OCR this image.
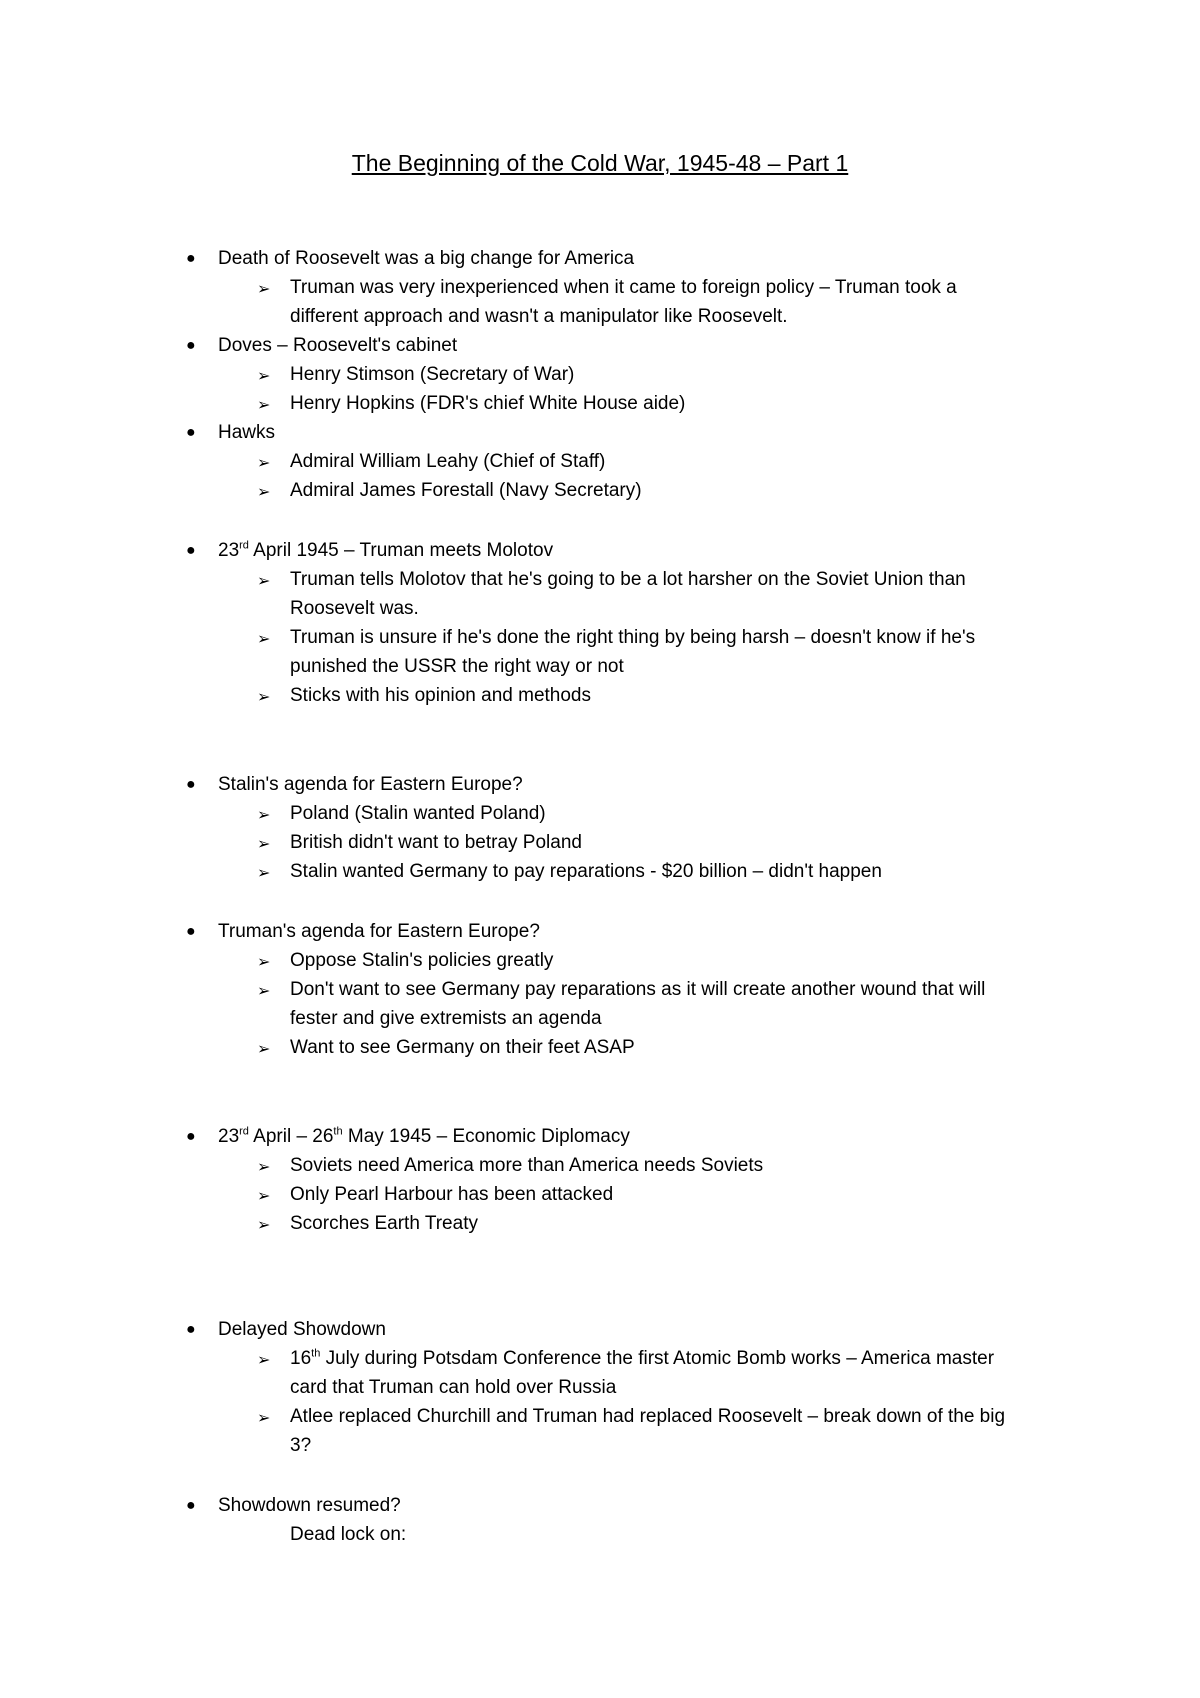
The Beginning of the Cold War, 1945-48 – Part 1
● Death of Roosevelt was a big change for America
➢ Truman was very inexperienced when it came to foreign policy – Truman took a
different approach and wasn't a manipulator like Roosevelt.
● Doves – Roosevelt's cabinet
➢ Henry Stimson (Secretary of War)
➢ Henry Hopkins (FDR's chief White House aide)
● Hawks
➢ Admiral William Leahy (Chief of Staff)
➢ Admiral James Forestall (Navy Secretary)
● 23rd April 1945 – Truman meets Molotov
➢ Truman tells Molotov that he's going to be a lot harsher on the Soviet Union than
Roosevelt was.
➢ Truman is unsure if he's done the right thing by being harsh – doesn't know if he's
punished the USSR the right way or not
➢ Sticks with his opinion and methods
● Stalin's agenda for Eastern Europe?
➢ Poland (Stalin wanted Poland)
➢ British didn't want to betray Poland
➢ Stalin wanted Germany to pay reparations - $20 billion – didn't happen
● Truman's agenda for Eastern Europe?
➢ Oppose Stalin's policies greatly
➢ Don't want to see Germany pay reparations as it will create another wound that will
fester and give extremists an agenda
➢ Want to see Germany on their feet ASAP
● 23rd April – 26th May 1945 – Economic Diplomacy
➢ Soviets need America more than America needs Soviets
➢ Only Pearl Harbour has been attacked
➢ Scorches Earth Treaty
● Delayed Showdown
➢ 16th July during Potsdam Conference the first Atomic Bomb works – America master
card that Truman can hold over Russia
➢ Atlee replaced Churchill and Truman had replaced Roosevelt – break down of the big
3?
● Showdown resumed?
Dead lock on:
